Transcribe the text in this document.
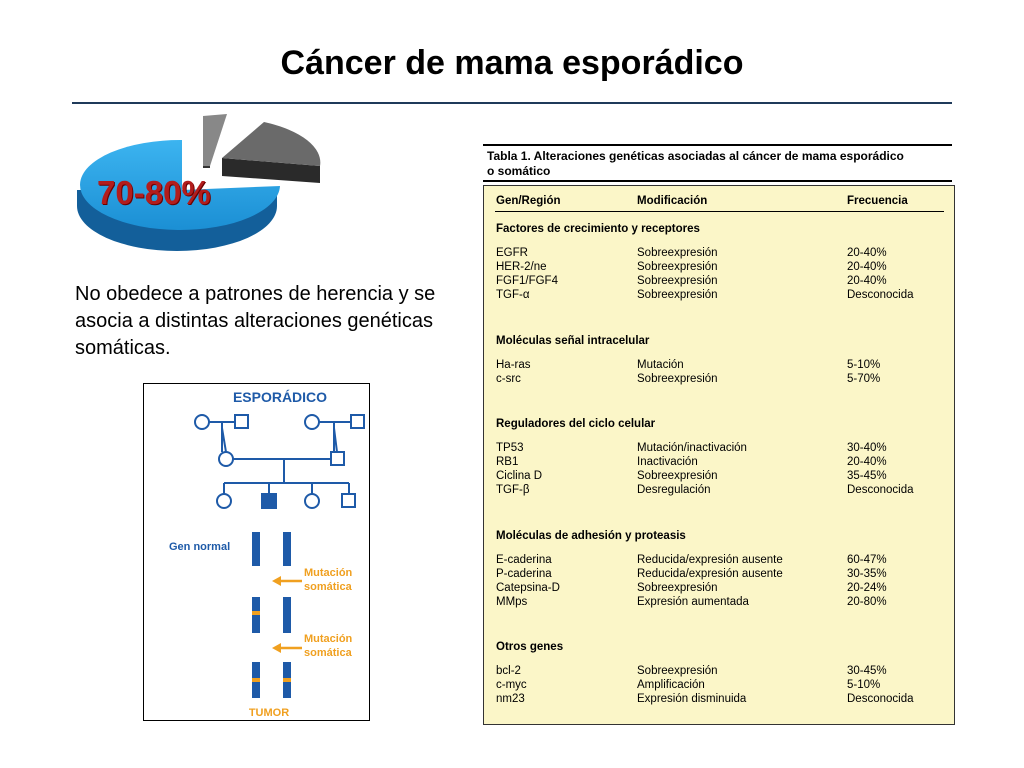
Cáncer de mama esporádico
70-80%
No obedece a patrones de herencia y se asocia a distintas alteraciones genéticas somáticas.
ESPORÁDICO
Gen normal
Mutación
somática
Mutación
somática
TUMOR
Tabla 1. Alteraciones genéticas asociadas al cáncer de mama esporádico
o somático
Gen/Región	Modificación	Frecuencia
Factores de crecimiento y receptores
EGFR	Sobreexpresión	20-40%
HER-2/ne	Sobreexpresión	20-40%
FGF1/FGF4	Sobreexpresión	20-40%
TGF-α	Sobreexpresión	Desconocida
Moléculas señal intracelular
Ha-ras	Mutación	5-10%
c-src	Sobreexpresión	5-70%
Reguladores del ciclo celular
TP53	Mutación/inactivación	30-40%
RB1	Inactivación	20-40%
Ciclina D	Sobreexpresión	35-45%
TGF-β	Desregulación	Desconocida
Moléculas de adhesión y proteasis
E-caderina	Reducida/expresión ausente	60-47%
P-caderina	Reducida/expresión ausente	30-35%
Catepsina-D	Sobreexpresión	20-24%
MMps	Expresión aumentada	20-80%
Otros genes
bcl-2	Sobreexpresión	30-45%
c-myc	Amplificación	5-10%
nm23	Expresión disminuida	Desconocida
